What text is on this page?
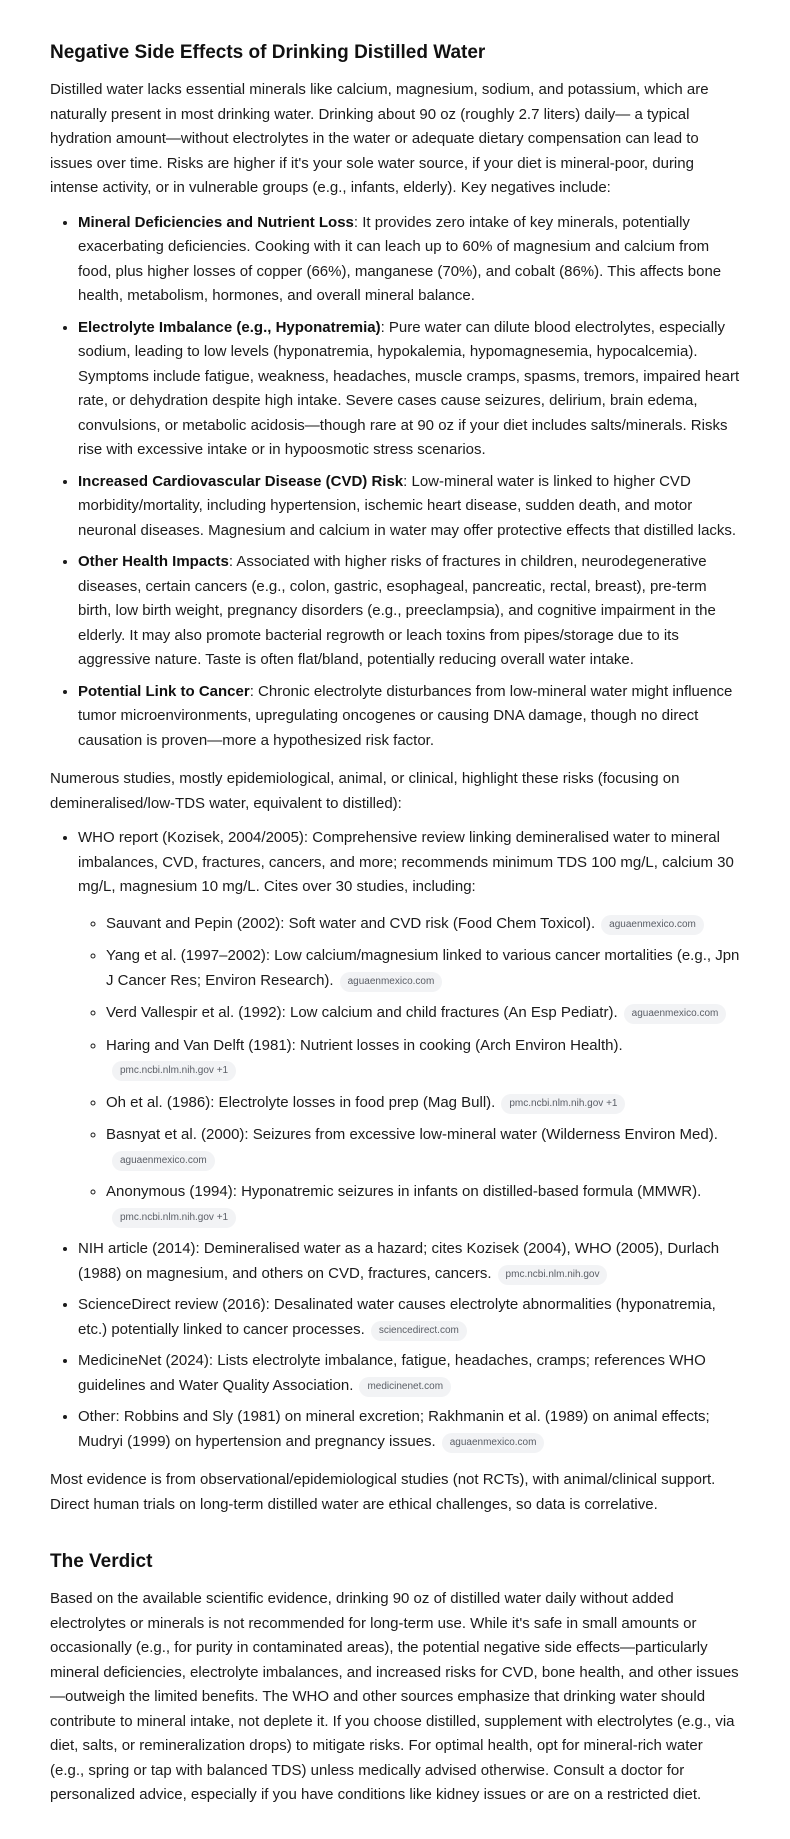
Negative Side Effects of Drinking Distilled Water

Distilled water lacks essential minerals like calcium, magnesium, sodium, and potassium, which are naturally present in most drinking water. Drinking about 90 oz (roughly 2.7 liters) daily— a typical hydration amount—without electrolytes in the water or adequate dietary compensation can lead to issues over time. Risks are higher if it's your sole water source, if your diet is mineral-poor, during intense activity, or in vulnerable groups (e.g., infants, elderly). Key negatives include:

• Mineral Deficiencies and Nutrient Loss: It provides zero intake of key minerals, potentially exacerbating deficiencies. Cooking with it can leach up to 60% of magnesium and calcium from food, plus higher losses of copper (66%), manganese (70%), and cobalt (86%). This affects bone health, metabolism, hormones, and overall mineral balance.
• Electrolyte Imbalance (e.g., Hyponatremia): Pure water can dilute blood electrolytes, especially sodium, leading to low levels (hyponatremia, hypokalemia, hypomagnesemia, hypocalcemia). Symptoms include fatigue, weakness, headaches, muscle cramps, spasms, tremors, impaired heart rate, or dehydration despite high intake. Severe cases cause seizures, delirium, brain edema, convulsions, or metabolic acidosis—though rare at 90 oz if your diet includes salts/minerals. Risks rise with excessive intake or in hypoosmotic stress scenarios.
• Increased Cardiovascular Disease (CVD) Risk: Low-mineral water is linked to higher CVD morbidity/mortality, including hypertension, ischemic heart disease, sudden death, and motor neuronal diseases. Magnesium and calcium in water may offer protective effects that distilled lacks.
• Other Health Impacts: Associated with higher risks of fractures in children, neurodegenerative diseases, certain cancers (e.g., colon, gastric, esophageal, pancreatic, rectal, breast), pre-term birth, low birth weight, pregnancy disorders (e.g., preeclampsia), and cognitive impairment in the elderly. It may also promote bacterial regrowth or leach toxins from pipes/storage due to its aggressive nature. Taste is often flat/bland, potentially reducing overall water intake.
• Potential Link to Cancer: Chronic electrolyte disturbances from low-mineral water might influence tumor microenvironments, upregulating oncogenes or causing DNA damage, though no direct causation is proven—more a hypothesized risk factor.

Numerous studies, mostly epidemiological, animal, or clinical, highlight these risks (focusing on demineralised/low-TDS water, equivalent to distilled):

• WHO report (Kozisek, 2004/2005): Comprehensive review linking demineralised water to mineral imbalances, CVD, fractures, cancers, and more; recommends minimum TDS 100 mg/L, calcium 30 mg/L, magnesium 10 mg/L. Cites over 30 studies, including:
◦ Sauvant and Pepin (2002): Soft water and CVD risk (Food Chem Toxicol). aguaenmexico.com
◦ Yang et al. (1997–2002): Low calcium/magnesium linked to various cancer mortalities (e.g., Jpn J Cancer Res; Environ Research). aguaenmexico.com
◦ Verd Vallespir et al. (1992): Low calcium and child fractures (An Esp Pediatr). aguaenmexico.com
◦ Haring and Van Delft (1981): Nutrient losses in cooking (Arch Environ Health).pmc.ncbi.nlm.nih.gov +1
◦ Oh et al. (1986): Electrolyte losses in food prep (Mag Bull). pmc.ncbi.nlm.nih.gov +1
◦ Basnyat et al. (2000): Seizures from excessive low-mineral water (Wilderness Environ Med). aguaenmexico.com
◦ Anonymous (1994): Hyponatremic seizures in infants on distilled-based formula (MMWR). pmc.ncbi.nlm.nih.gov +1
• NIH article (2014): Demineralised water as a hazard; cites Kozisek (2004), WHO (2005), Durlach (1988) on magnesium, and others on CVD, fractures, cancers. pmc.ncbi.nlm.nih.gov
• ScienceDirect review (2016): Desalinated water causes electrolyte abnormalities (hyponatremia, etc.) potentially linked to cancer processes. sciencedirect.com
• MedicineNet (2024): Lists electrolyte imbalance, fatigue, headaches, cramps; references WHO guidelines and Water Quality Association. medicinenet.com
• Other: Robbins and Sly (1981) on mineral excretion; Rakhmanin et al. (1989) on animal effects; Mudryi (1999) on hypertension and pregnancy issues. aguaenmexico.com

Most evidence is from observational/epidemiological studies (not RCTs), with animal/clinical support. Direct human trials on long-term distilled water are ethical challenges, so data is correlative.

The Verdict

Based on the available scientific evidence, drinking 90 oz of distilled water daily without added electrolytes or minerals is not recommended for long-term use. While it's safe in small amounts or occasionally (e.g., for purity in contaminated areas), the potential negative side effects—particularly mineral deficiencies, electrolyte imbalances, and increased risks for CVD, bone health, and other issues—outweigh the limited benefits. The WHO and other sources emphasize that drinking water should contribute to mineral intake, not deplete it. If you choose distilled, supplement with electrolytes (e.g., via diet, salts, or remineralization drops) to mitigate risks. For optimal health, opt for mineral-rich water (e.g., spring or tap with balanced TDS) unless medically advised otherwise. Consult a doctor for personalized advice, especially if you have conditions like kidney issues or are on a restricted diet.
